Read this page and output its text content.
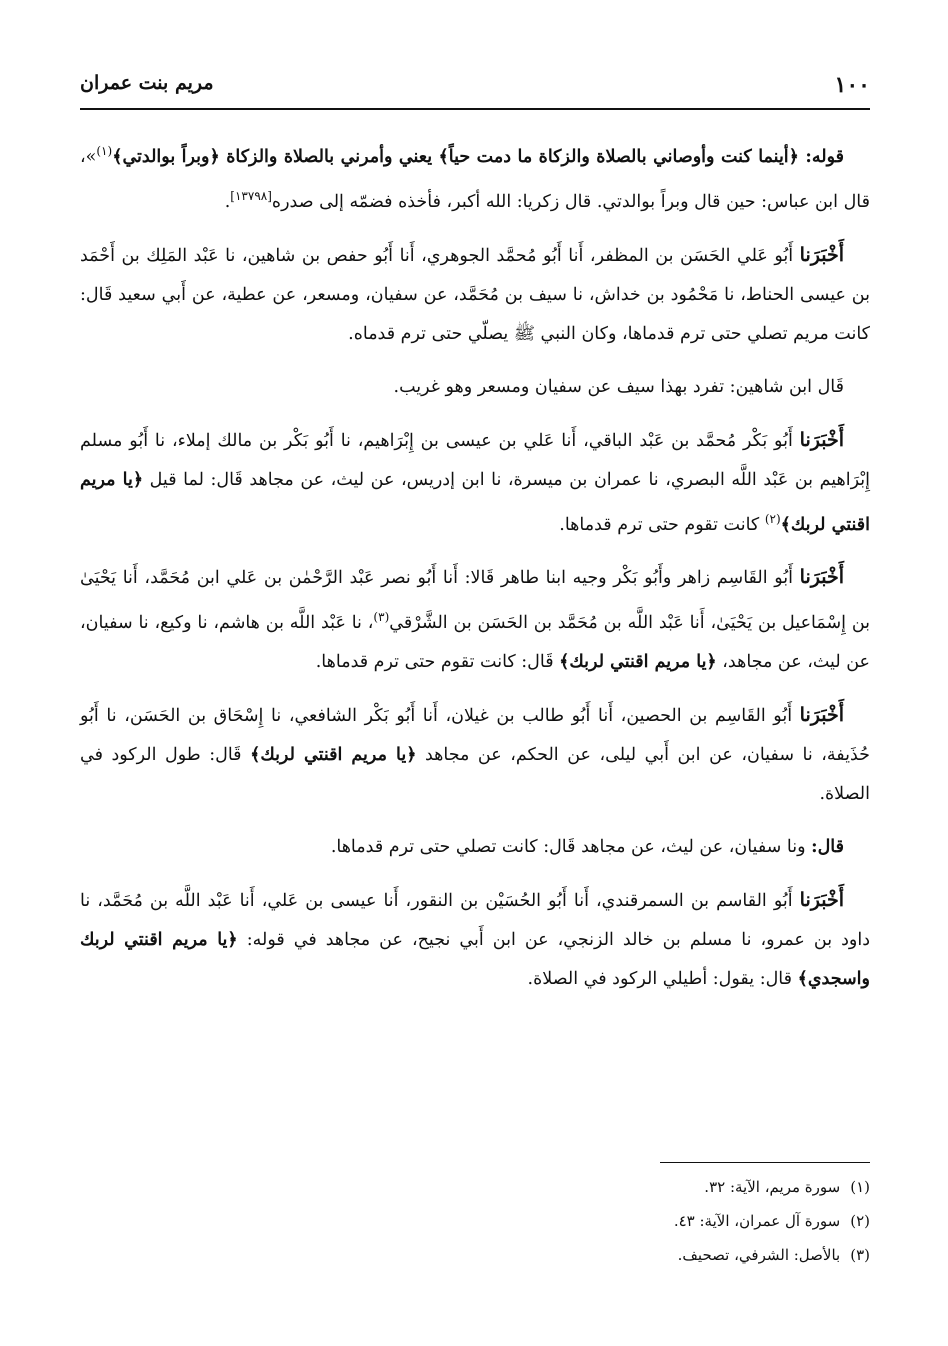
١٠٠
مريم بنت عمران

قوله: ﴿أينما كنت وأوصاني بالصلاة والزكاة ما دمت حياً﴾ يعني وأمرني بالصلاة والزكاة ﴿وبراً بوالدتي﴾$^{(١)}$»، قال ابن عباس: حين قال وبراً بوالدتي. قال زكريا: الله أكبر، فأخذه فضمّه إلى صدره[١٣٧٩٨].

أَخْبَرَنا أَبُو عَلي الحَسَن بن المظفر، أَنا أَبُو مُحمَّد الجوهري، أَنا أَبُو حفص بن شاهين، نا عَبْد المَلِك بن أَحْمَد بن عيسى الحناط، نا مَحْمُود بن خداش، نا سيف بن مُحَمَّد، عن سفيان، ومسعر، عن عطية، عن أَبي سعيد قَال: كانت مريم تصلي حتى ترم قدماها، وكان النبي ﷺ يصلّي حتى ترم قدماه.

قَال ابن شاهين: تفرد بهذا سيف عن سفيان ومسعر وهو غريب.

أَخْبَرَنا أَبُو بَكْر مُحمَّد بن عَبْد الباقي، أَنا عَلي بن عيسى بن إِبْرَاهيم، نا أَبُو بَكْر بن مالك إملاء، نا أَبُو مسلم إِبْرَاهيم بن عَبْد اللَّه البصري، نا عمران بن ميسرة، نا ابن إدريس، عن ليث، عن مجاهد قَال: لما قيل ﴿يا مريم اقنتي لربك﴾$^{(٢)}$ كانت تقوم حتى ترم قدماها.

أَخْبَرَنا أَبُو القَاسِم زاهر وأَبُو بَكْر وجيه ابنا طاهر قَالا: أَنا أَبُو نصر عَبْد الرَّحْمٰن بن عَلي ابن مُحَمَّد، أَنا يَحْيَىٰ بن إِسْمَاعيل بن يَحْيَىٰ، أَنا عَبْد اللَّه بن مُحَمَّد بن الحَسَن بن الشَّرْقي$^{(٣)}$، نا عَبْد اللَّه بن هاشم، نا وكيع، نا سفيان، عن ليث، عن مجاهد، ﴿يا مريم اقنتي لربك﴾ قَال: كانت تقوم حتى ترم قدماها.

أَخْبَرَنا أَبُو القَاسِم بن الحصين، أَنا أَبُو طالب بن غيلان، أَنا أَبُو بَكْر الشافعي، نا إِسْحَاق بن الحَسَن، نا أَبُو حُذَيفة، نا سفيان، عن ابن أَبي ليلى، عن الحكم، عن مجاهد ﴿يا مريم اقنتي لربك﴾ قَال: طول الركود في الصلاة.

قال: ونا سفيان، عن ليث، عن مجاهد قَال: كانت تصلي حتى ترم قدماها.

أَخْبَرَنا أَبُو القاسم بن السمرقندي، أَنا أَبُو الحُسَيْن بن النقور، أَنا عيسى بن عَلي، أَنا عَبْد اللَّه بن مُحَمَّد، نا داود بن عمرو، نا مسلم بن خالد الزنجي، عن ابن أَبي نجيح، عن مجاهد في قوله: ﴿يا مريم اقنتي لربك واسجدي﴾ قال: يقول: أطيلي الركود في الصلاة.

(١)سورة مريم، الآية: ٣٢.
(٢)سورة آل عمران، الآية: ٤٣.
(٣)بالأصل: الشرفي، تصحيف.
